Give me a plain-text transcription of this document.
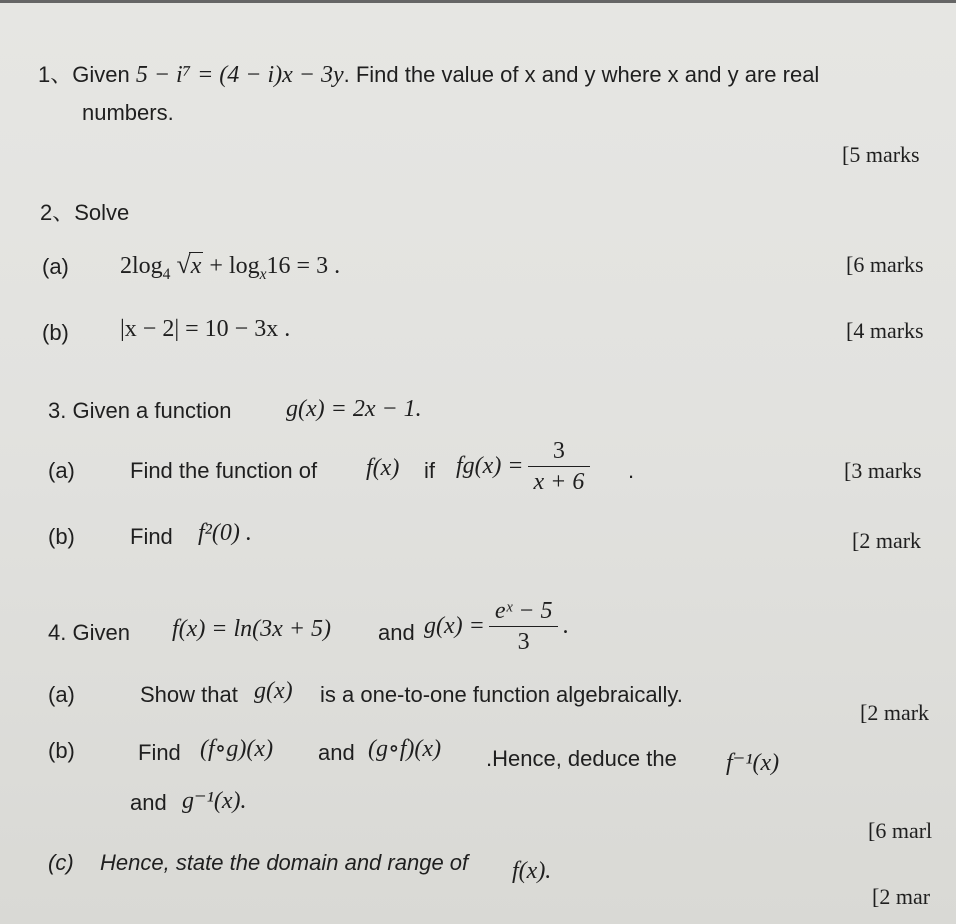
1、Given 5 − i⁷ = (4 − i)x − 3y. Find the value of x and y where x and y are real
numbers.
[5 marks
2、Solve
(a) $2\log_4$ $√x + \log_x16 = 3$ .	[6 marks
(b) |x − 2| = 10 − 3x .	[4 marks
3. Given a function g(x) = 2x − 1.
(a)	Find the function of f(x) if $fg(x) = \frac{3}{x + 6}$ .	[3 marks
(b)	Find f²(0) .	[2 mark
4. Given f(x) = ln(3x + 5) and $g(x) = \frac{\text{eˣ − 5}}{3}$ .
(a)	Show that g(x) is a one-to-one function algebraically.
[2 mark
(b)	Find (f∘g)(x) and (g∘f)(x) .Hence, deduce the f⁻¹(x)
and g⁻¹(x).
[6 marl
(c) Hence, state the domain and range of f(x).
[2 mar
